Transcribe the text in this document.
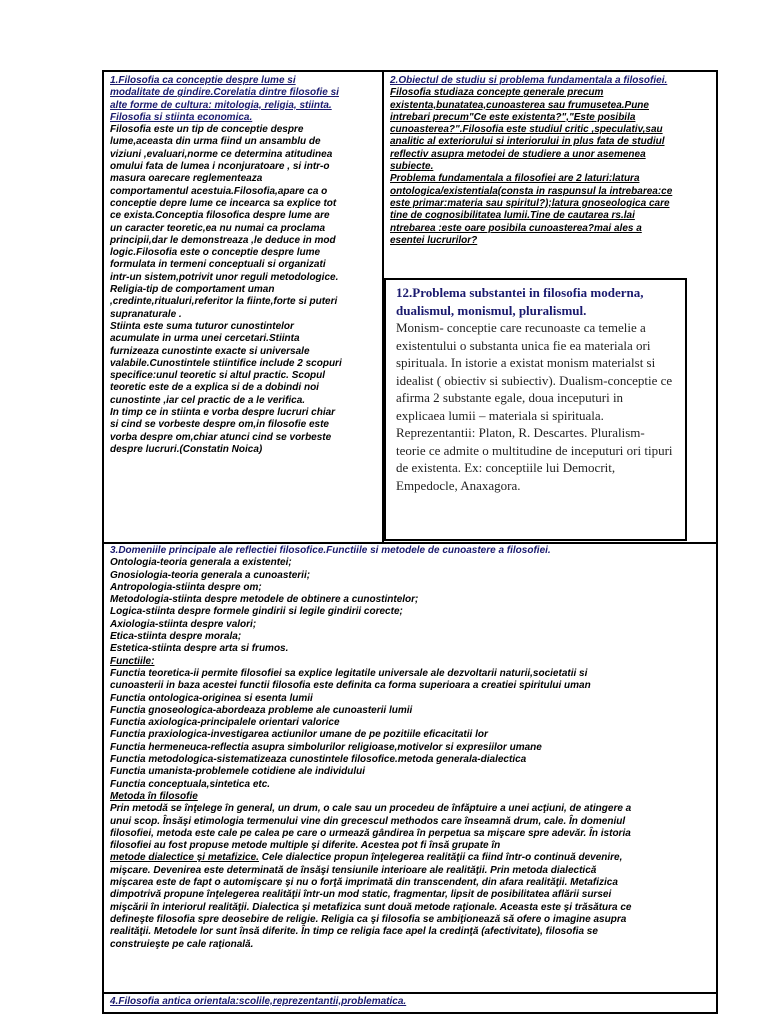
1.Filosofia ca conceptie despre lume si
modalitate de gindire.Corelatia dintre filosofie si
alte forme de cultura: mitologia, religia, stiinta.
Filosofia si stiinta economica.
Filosofia este un tip de conceptie despre
lume,aceasta din urma fiind un ansamblu de
viziuni ,evaluari,norme ce determina atitudinea
omului fata de lumea i nconjuratoare , si intr-o
masura oarecare reglementeaza
comportamentul acestuia.Filosofia,apare ca o
conceptie depre lume ce incearca sa explice tot
ce exista.Conceptia filosofica despre lume are
un caracter teoretic,ea nu numai ca proclama
principii,dar le demonstreaza ,le deduce in mod
logic.Filosofia este o conceptie despre lume
formulata in termeni conceptuali si organizati
intr-un sistem,potrivit unor reguli metodologice.
Religia-tip de comportament uman
,credinte,ritualuri,referitor la fiinte,forte si puteri
supranaturale .
Stiinta este suma tuturor cunostintelor
acumulate in urma unei cercetari.Stiinta
furnizeaza cunostinte exacte si universale
valabile.Cunostintele stiintifice include 2 scopuri
specifice:unul teoretic si altul practic. Scopul
teoretic este de a explica si de a dobindi noi
cunostinte ,iar cel practic de a le verifica.
In timp ce in stiinta e vorba despre lucruri chiar
si cind se vorbeste despre om,in filosofie este
vorba despre om,chiar atunci cind se vorbeste
despre lucruri.(Constatin Noica)
2.Obiectul de studiu si problema fundamentala a filosofiei.
Filosofia studiaza concepte generale precum
existenta,bunatatea,cunoasterea sau frumusetea.Pune
intrebari precum"Ce este existenta?","Este posibila
cunoasterea?".Filosofia este studiul critic ,speculativ,sau
analitic al exteriorului si interiorului in plus fata de studiul
reflectiv asupra metodei de studiere a unor asemenea
subiecte.
Problema fundamentala a filosofiei are 2 laturi:latura
ontologica/existentiala(consta in raspunsul la intrebarea:ce
este primar:materia sau spiritul?);latura gnoseologica care
tine de cognosibilitatea lumii.Tine de cautarea rs.lai
ntrebarea :este oare posibila cunoasterea?mai ales a
esentei lucrurilor?
12.Problema substantei in filosofia moderna, dualismul, monismul, pluralismul.
Monism- conceptie care recunoaste ca temelie a existentului o substanta unica fie ea materiala ori spirituala. In istorie a existat monism materialst si idealist ( obiectiv si subiectiv). Dualism-conceptie ce afirma 2 substante egale, doua inceputuri in explicaea lumii – materiala si spirituala. Reprezentantii: Platon, R. Descartes. Pluralism- teorie ce admite o multitudine de inceputuri ori tipuri de existenta. Ex: conceptiile lui Democrit, Empedocle, Anaxagora.
3.Domeniile principale ale reflectiei filosofice.Functiile si metodele de cunoastere a filosofiei.
Ontologia-teoria generala a existentei;
Gnosiologia-teoria generala a cunoasterii;
Antropologia-stiinta despre om;
Metodologia-stiinta despre metodele de obtinere a cunostintelor;
Logica-stiinta despre formele gindirii si legile gindirii corecte;
Axiologia-stiinta despre valori;
Etica-stiinta despre morala;
Estetica-stiinta despre arta si frumos.
Functiile:
Functia teoretica-ii permite filosofiei sa explice legitatile universale ale dezvoltarii naturii,societatii si
cunoasterii in baza acestei functii filosofia este definita ca forma superioara a creatiei spiritului uman
Functia ontologica-originea si esenta lumii
Functia gnoseologica-abordeaza probleme ale cunoasterii lumii
Functia axiologica-principalele orientari valorice
Functia praxiologica-investigarea actiunilor umane de pe pozitiile eficacitatii lor
Functia hermeneuca-reflectia asupra simbolurilor religioase,motivelor si expresiilor umane
Functia metodologica-sistematizeaza cunostintele filosofice.metoda generala-dialectica
Functia umanista-problemele cotidiene ale individului
Functia conceptuala,sintetica etc.
Metoda în filosofie
Prin metodă se înţelege în general, un drum, o cale sau un procedeu de înfăptuire a unei acţiuni, de atingere a
unui scop. Însăşi etimologia termenului vine din grecescul methodos care înseamnă drum, cale. În domeniul
filosofiei, metoda este cale pe calea pe care o urmează gândirea în perpetua sa mişcare spre adevăr. În istoria
filosofiei au fost propuse metode multiple şi diferite. Acestea pot fi însă grupate în
metode dialectice şi metafizice. Cele dialectice propun înţelegerea realităţii ca fiind într-o continuă devenire,
mişcare. Devenirea este determinată de însăşi tensiunile interioare ale realităţii. Prin metoda dialectică
mişcarea este de fapt o automişcare şi nu o forţă imprimată din transcendent, din afara realităţii. Metafizica
dimpotrivă propune înţelegerea realităţii într-un mod static, fragmentar, lipsit de posibilitatea aflării sursei
mişcării în interiorul realităţii. Dialectica şi metafizica sunt două metode raţionale. Aceasta este şi trăsătura ce
defineşte filosofia spre deosebire de religie. Religia ca şi filosofia se ambiţionează să ofere o imagine asupra
realităţii. Metodele lor sunt însă diferite. În timp ce religia face apel la credinţă (afectivitate), filosofia se
construieşte pe cale raţională.
4.Filosofia antica orientala:scolile,reprezentantii,problematica.
